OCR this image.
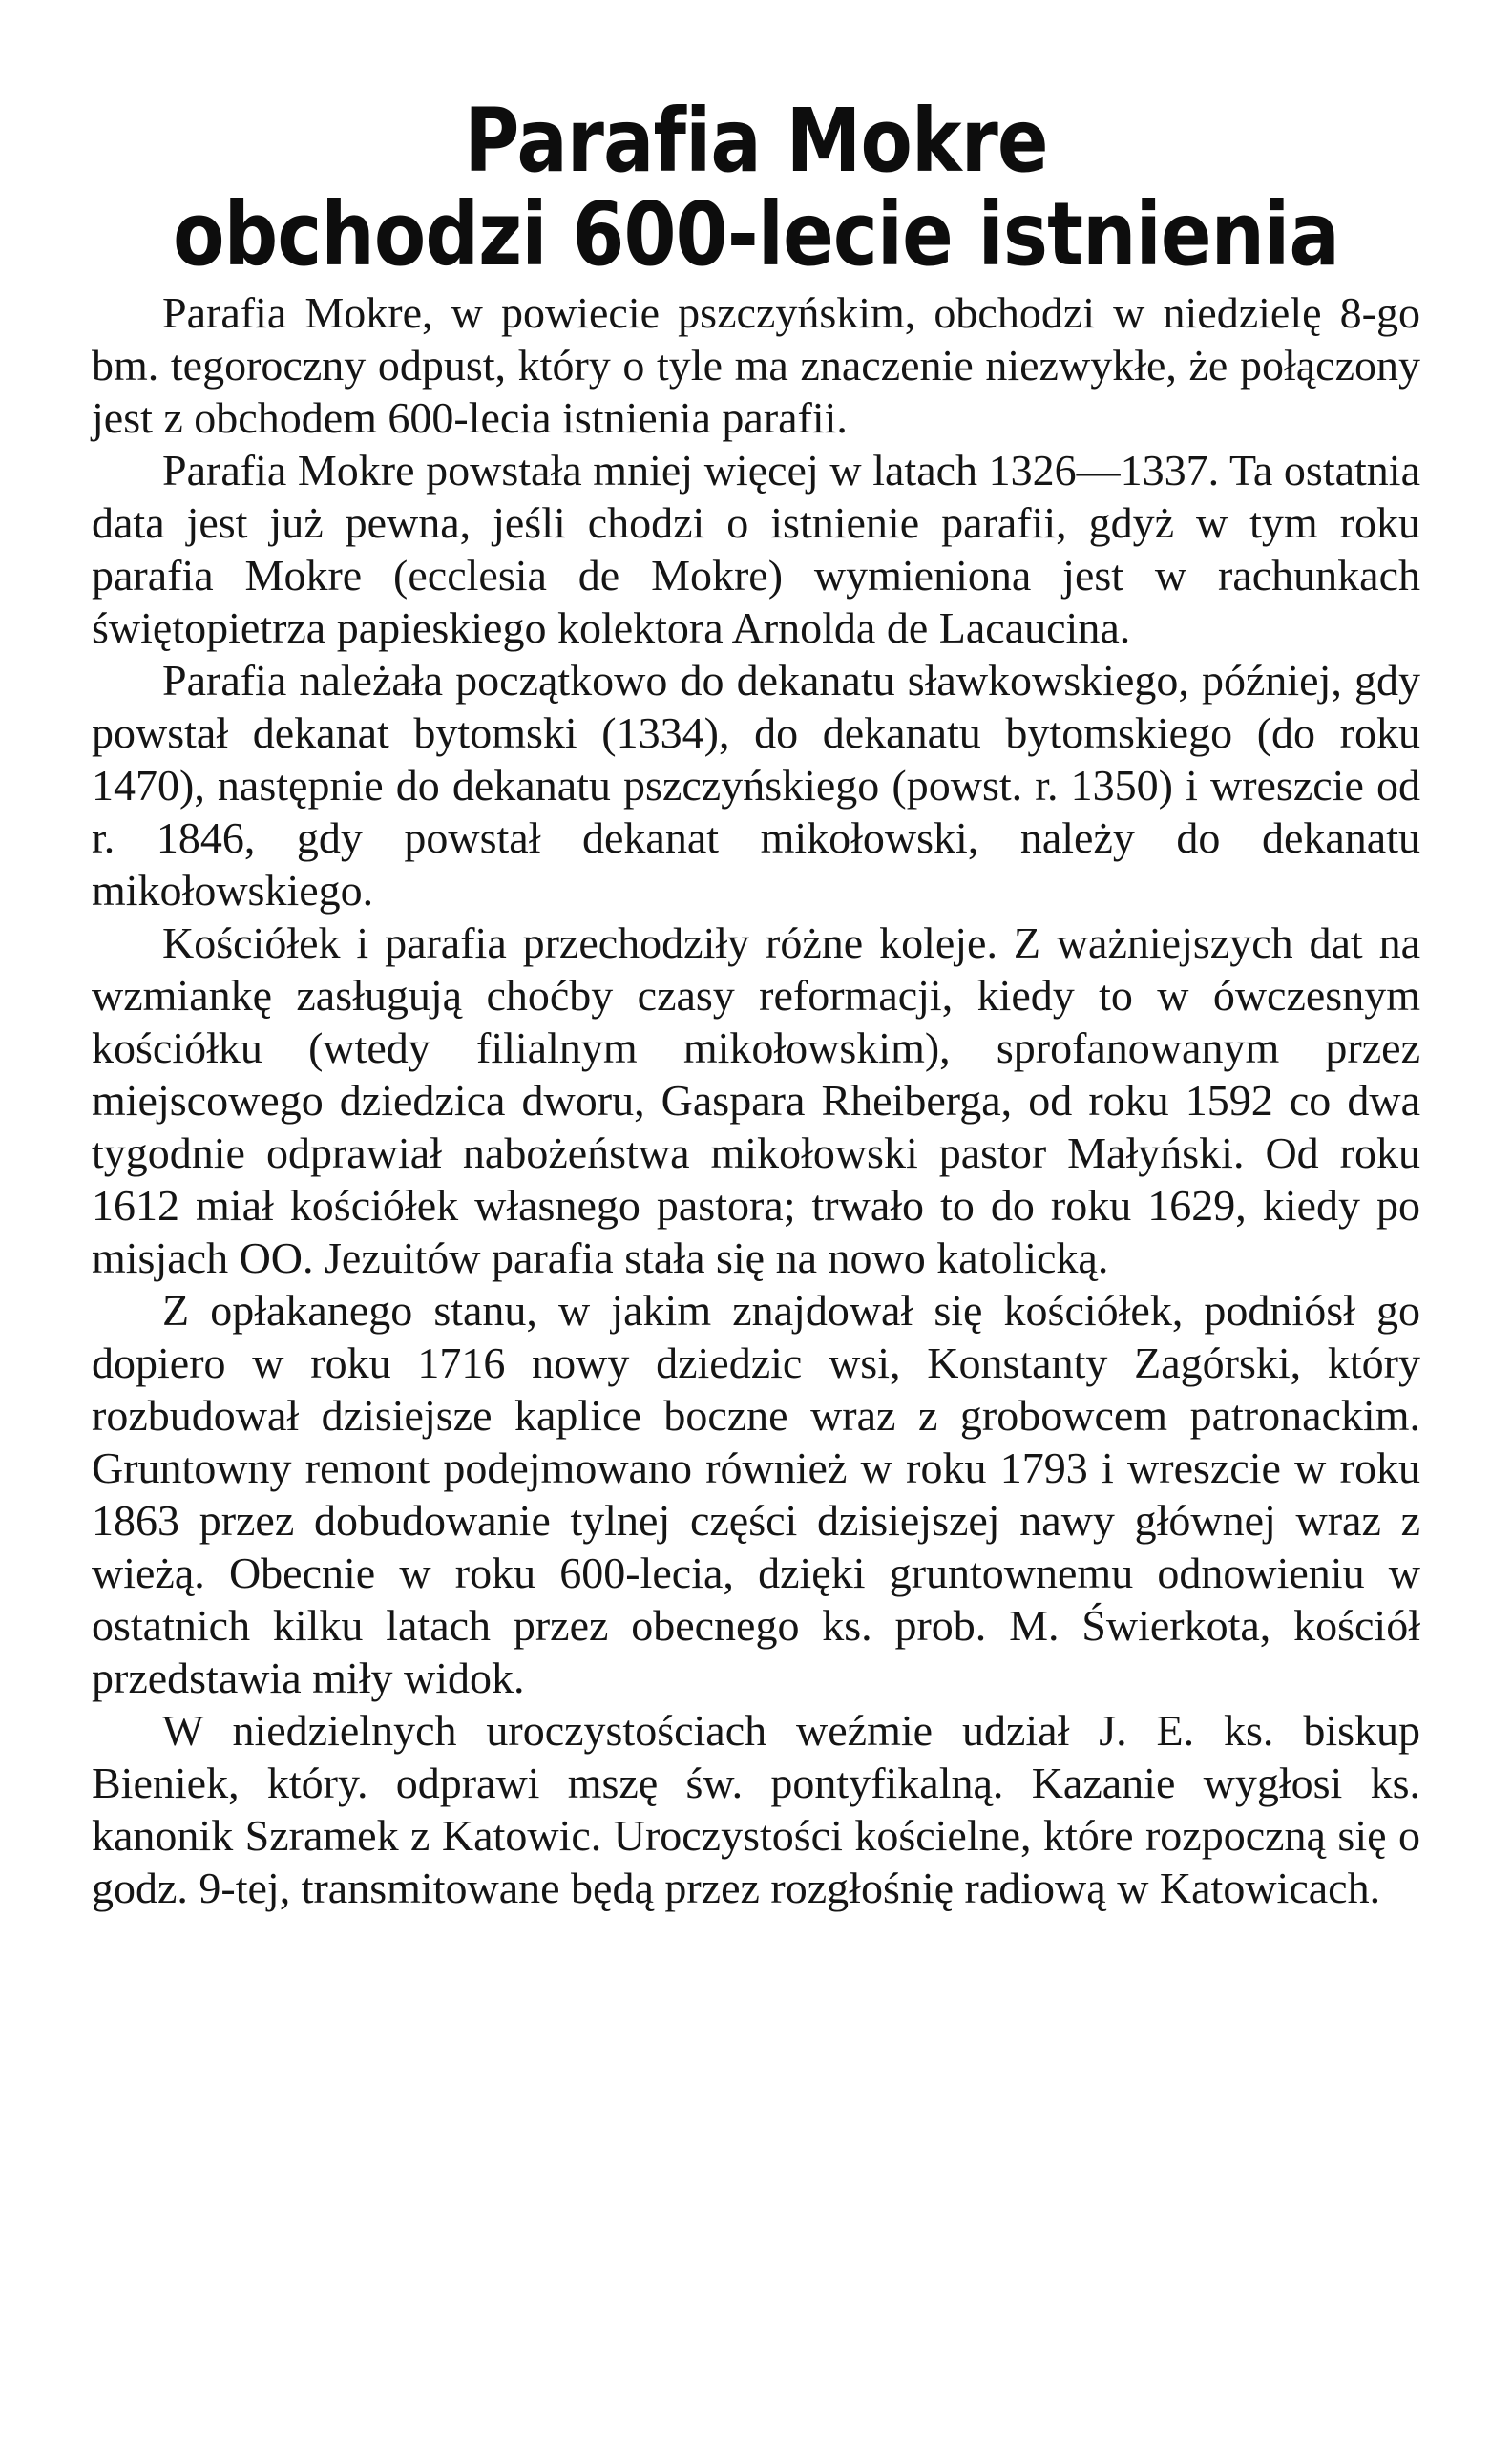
Parafia Mokre
obchodzi 600-lecie istnienia

Parafia Mokre, w powiecie pszczyńskim, obchodzi w niedzielę 8-go bm. tegoroczny odpust, który o tyle ma znaczenie niezwykłe, że połączony jest z obchodem 600-lecia istnienia parafii.

Parafia Mokre powstała mniej więcej w latach 1326—1337. Ta ostatnia data jest już pewna, jeśli chodzi o istnienie parafii, gdyż w tym roku parafia Mokre (ecclesia de Mokre) wymieniona jest w rachunkach świętopietrza papieskiego kolektora Arnolda de Lacaucina.

Parafia należała początkowo do dekanatu sławkowskiego, później, gdy powstał dekanat bytomski (1334), do dekanatu bytomskiego (do roku 1470), następnie do dekanatu pszczyńskiego (powst. r. 1350) i wreszcie od r. 1846, gdy powstał dekanat mikołowski, należy do dekanatu mikołowskiego.

Kościółek i parafia przechodziły różne koleje. Z ważniejszych dat na wzmiankę zasługują choćby czasy reformacji, kiedy to w ówczesnym kościółku (wtedy filialnym mikołowskim), sprofanowanym przez miejscowego dziedzica dworu, Gaspara Rheiberga, od roku 1592 co dwa tygodnie odprawiał nabożeństwa mikołowski pastor Małyński. Od roku 1612 miał kościółek własnego pastora; trwało to do roku 1629, kiedy po misjach OO. Jezuitów parafia stała się na nowo katolicką.

Z opłakanego stanu, w jakim znajdował się kościółek, podniósł go dopiero w roku 1716 nowy dziedzic wsi, Konstanty Zagórski, który rozbudował dzisiejsze kaplice boczne wraz z grobowcem patronackim. Gruntowny remont podejmowano również w roku 1793 i wreszcie w roku 1863 przez dobudowanie tylnej części dzisiejszej nawy głównej wraz z wieżą. Obecnie w roku 600-lecia, dzięki gruntownemu odnowieniu w ostatnich kilku latach przez obecnego ks. prob. M. Świerkota, kościół przedstawia miły widok.

W niedzielnych uroczystościach weźmie udział J. E. ks. biskup Bieniek, który. odprawi mszę św. pontyfikalną. Kazanie wygłosi ks. kanonik Szramek z Katowic. Uroczystości kościelne, które rozpoczną się o godz. 9-tej, transmitowane będą przez rozgłośnię radiową w Katowicach.
